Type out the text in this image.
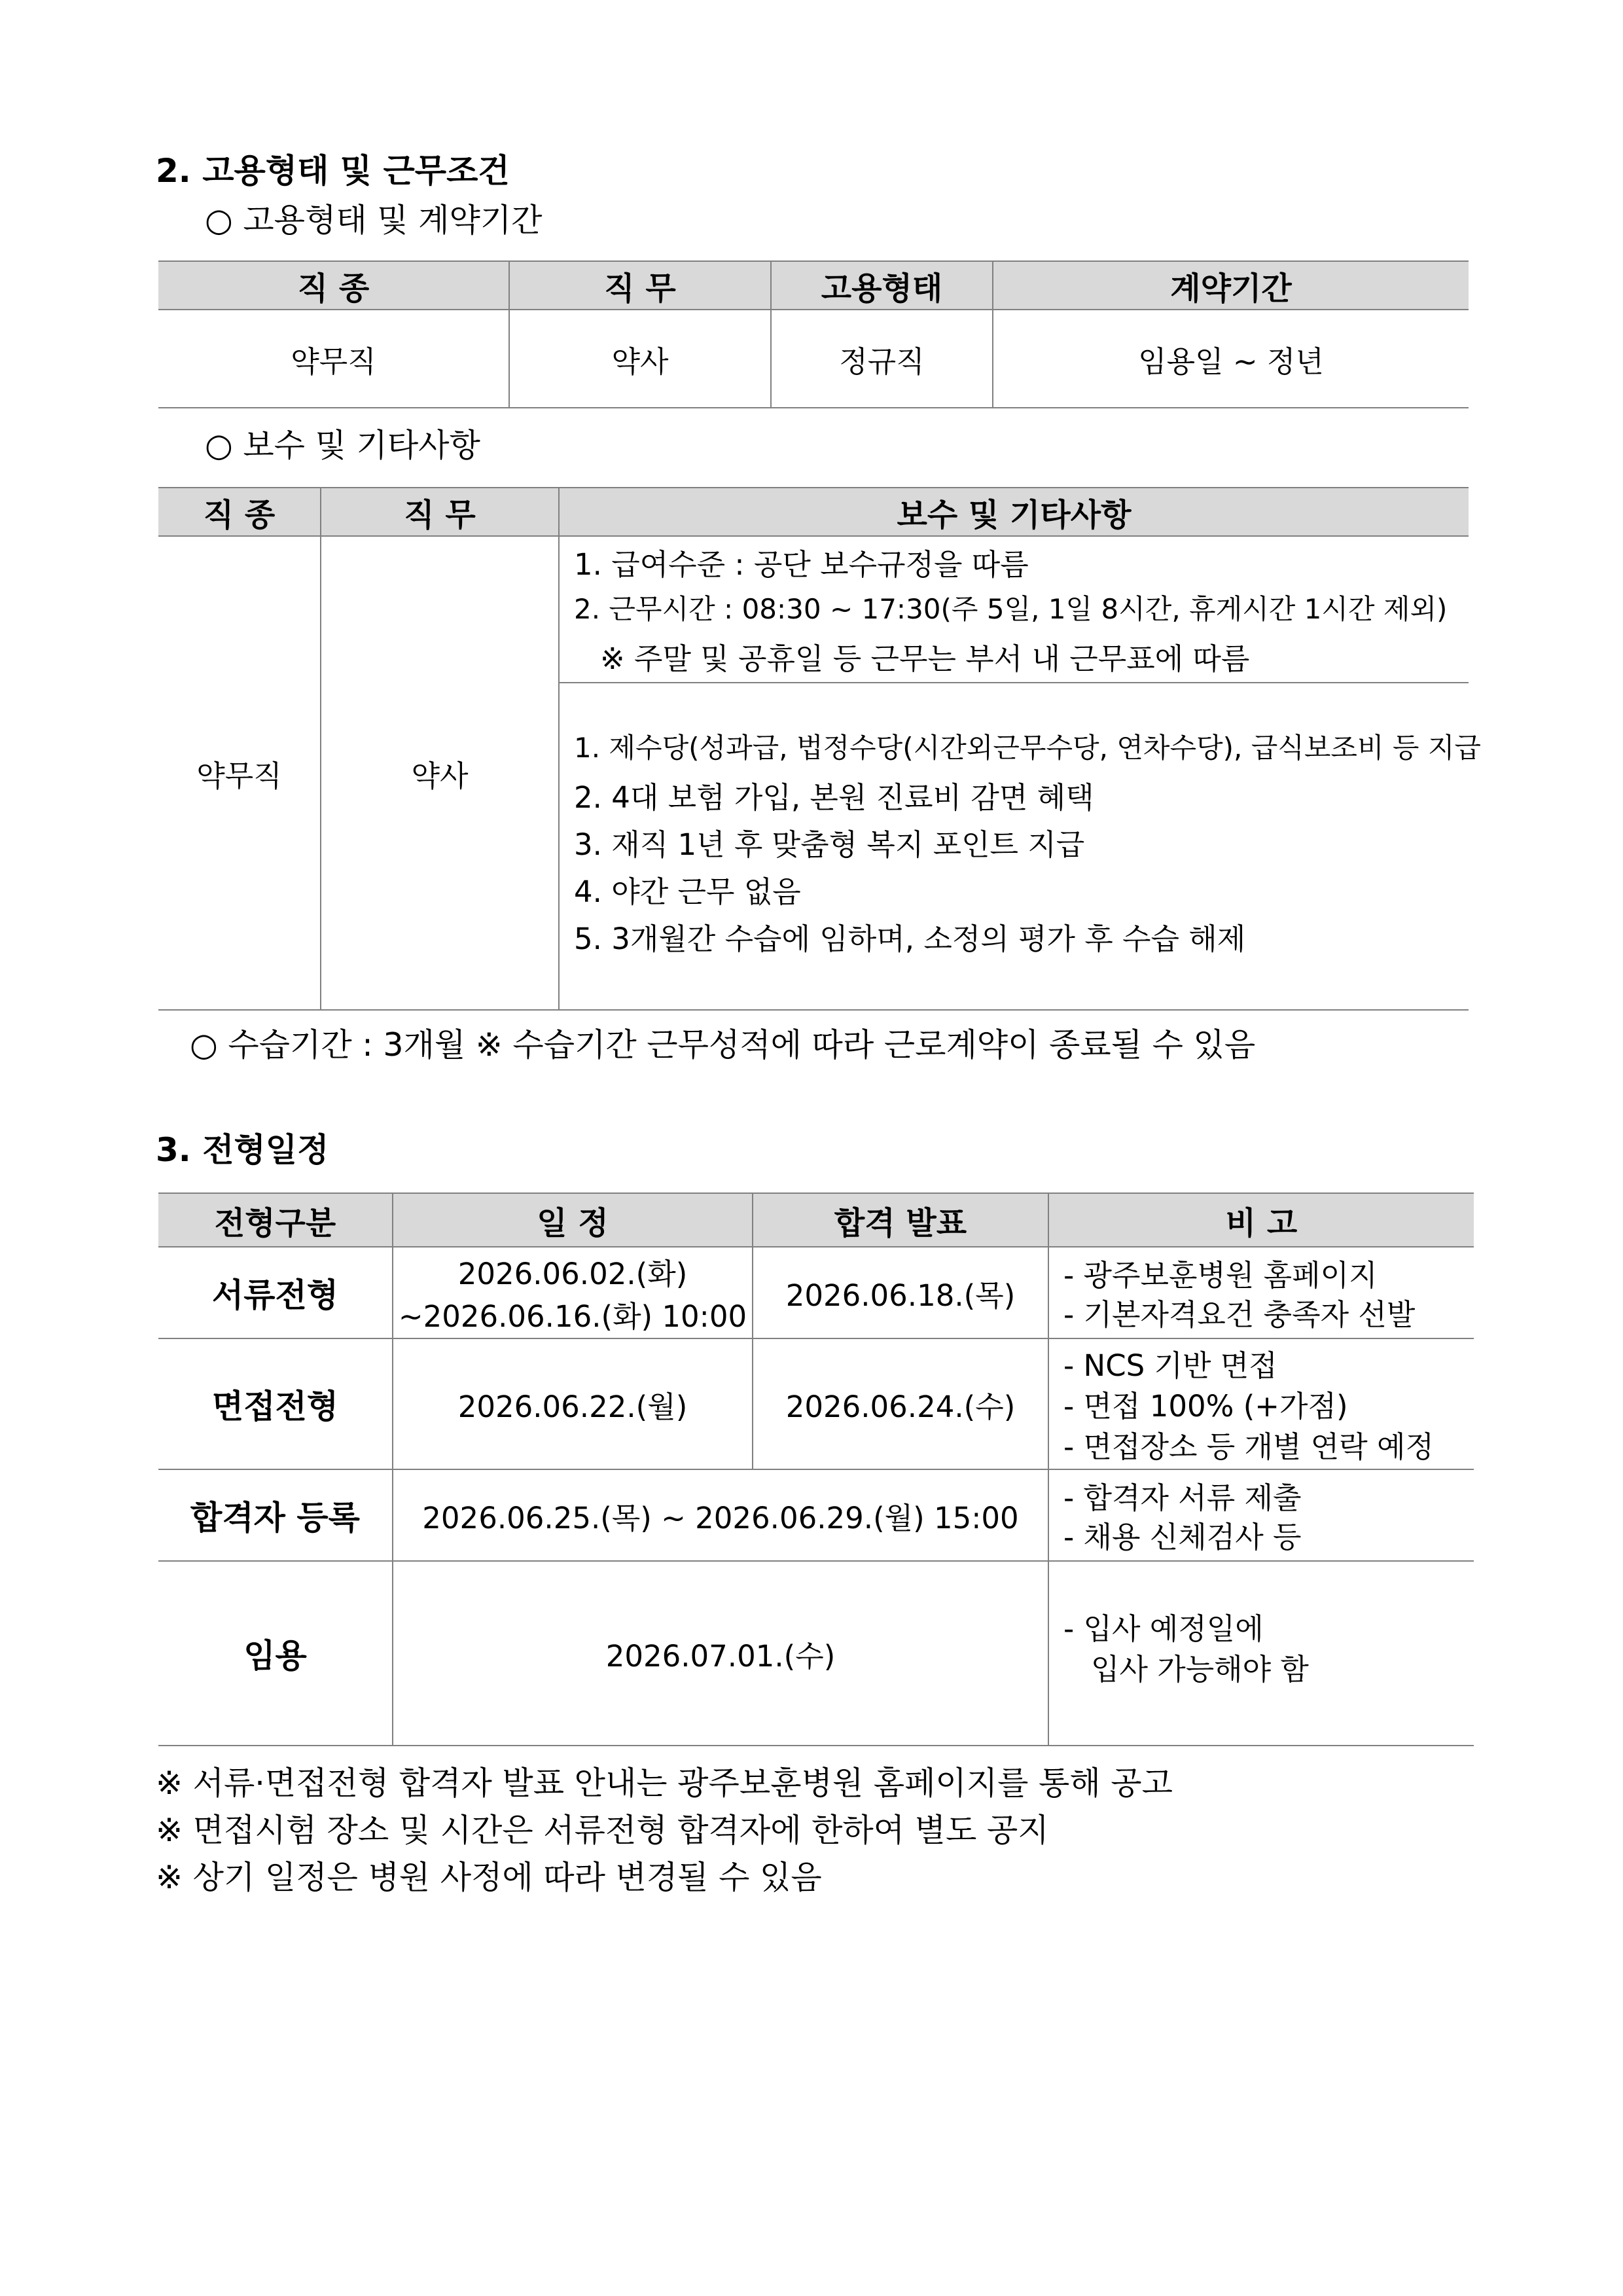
2. 고용형태 및 근무조건
○ 고용형태 및 계약기간
직 종	직 무	고용형태	계약기간
약무직	약사	정규직	임용일 ~ 정년
○ 보수 및 기타사항
직 종	직 무	보수 및 기타사항
약무직	약사	1. 급여수준 : 공단 보수규정을 따름
2. 근무시간 : 08:30 ~ 17:30(주 5일, 1일 8시간, 휴게시간 1시간 제외)
※ 주말 및 공휴일 등 근무는 부서 내 근무표에 따름

		1. 제수당(성과급, 법정수당(시간외근무수당, 연차수당), 급식보조비 등 지급
2. 4대 보험 가입, 본원 진료비 감면 혜택
3. 재직 1년 후 맞춤형 복지 포인트 지급
4. 야간 근무 없음
5. 3개월간 수습에 임하며, 소정의 평가 후 수습 해제
○ 수습기간 : 3개월 ※ 수습기간 근무성적에 따라 근로계약이 종료될 수 있음
3. 전형일정
전형구분	일 정	합격 발표	비 고
서류전형	2026.06.02.(화)
~2026.06.16.(화) 10:00	2026.06.18.(목)	- 광주보훈병원 홈페이지
- 기본자격요건 충족자 선발

면접전형	2026.06.22.(월)	2026.06.24.(수)	- NCS 기반 면접
- 면접 100% (+가점)
- 면접장소 등 개별 연락 예정

합격자 등록	2026.06.25.(목) ~ 2026.06.29.(월) 15:00		- 합격자 서류 제출
- 채용 신체검사 등

임용	2026.07.01.(수)		- 입사 예정일에
입사 가능해야 함
※ 서류·면접전형 합격자 발표 안내는 광주보훈병원 홈페이지를 통해 공고
※ 면접시험 장소 및 시간은 서류전형 합격자에 한하여 별도 공지
※ 상기 일정은 병원 사정에 따라 변경될 수 있음
